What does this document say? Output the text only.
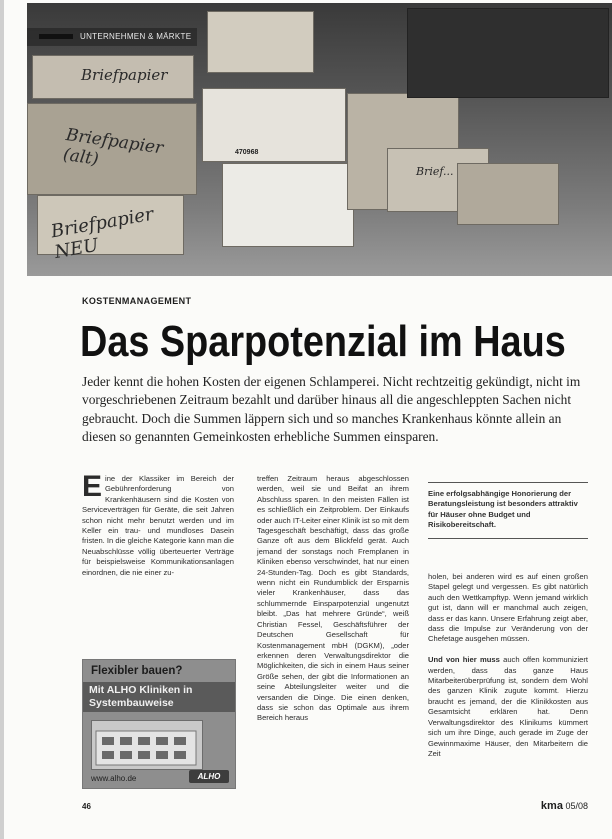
Briefpapier
Briefpapier (alt)
Briefpapier NEU
470968
Brief...
UNTERNEHMEN & MÄRKTE
KOSTENMANAGEMENT
Das Sparpotenzial im Haus
Jeder kennt die hohen Kosten der eigenen Schlamperei. Nicht rechtzeitig gekündigt, nicht im vorgeschriebenen Zeitraum bezahlt und darüber hinaus all die angeschleppten Sachen nicht gebraucht. Doch die Summen läppern sich und so manches Krankenhaus könnte allein an diesen so genannten Gemeinkosten erhebliche Summen einsparen.
Eine der Klassiker im Bereich der Gebührenforderung von Krankenhäusern sind die Kosten von Serviceverträgen für Geräte, die seit Jahren schon nicht mehr benutzt werden und im Keller ein trau- und mundloses Dasein fristen. In die gleiche Kategorie kann man die Neuabschlüsse völlig überteuerter Verträge für beispielsweise Kommunikationsanlagen einordnen, die nie einer zu-
treffen Zeitraum heraus abgeschlossen werden, weil sie und Beifat an ihrem Abschluss sparen. In den meisten Fällen ist es schließlich ein Zeitproblem. Der Einkaufs oder auch IT-Leiter einer Klinik ist so mit dem Tagesgeschäft beschäftigt, dass das große Ganze oft aus dem Blickfeld gerät. Auch jemand der sonstags noch Fremplanen in Kliniken ebenso verschwindet, hat nur einen 24-Stunden-Tag. Doch es gibt Standards, wenn nicht ein Rundumblick der Ersparnis vieler Krankenhäuser, dass das schlummernde Einsparpotenzial ungenutzt bleibt. „Das hat mehrere Gründe“, weiß Christian Fessel, Geschäftsführer der Deutschen Gesellschaft für Kostenmanagement mbH (DGKM), „oder erkennen deren Verwaltungsdirektor die Möglichkeiten, die sich in einem Haus seiner Größe sehen, der gibt die Informationen an seine Abteilungsleiter weiter und die versanden die Dinge. Die einen denken, dass sie schon das Optimale aus ihrem Bereich heraus
Eine erfolgsabhängige Honorierung der Beratungsleistung ist besonders attraktiv für Häuser ohne Budget und Risikobereitschaft.
holen, bei anderen wird es auf einen großen Stapel gelegt und vergessen. Es gibt natürlich auch den Wettkampftyp. Wenn jemand wirklich gut ist, dann will er manchmal auch zeigen, dass er das kann. Unsere Erfahrung zeigt aber, dass die Impulse zur Veränderung von der Chefetage ausgehen müssen.

Und von hier muss auch offen kommuniziert werden, dass das ganze Haus Mitarbeiterüberprüfung ist, sondern dem Wohl des ganzen Klinik zugute kommt. Hierzu braucht es jemand, der die Klinikkosten aus Gesamtsicht erklären hat. Denn Verwaltungsdirektor des Klinikums kümmert sich um ihre Dinge, auch gerade im Zuge der Gewinnmaxime Häuser, den Mitarbeitern die Zeit
Flexibler bauen?
Mit ALHO Kliniken in Systembauweise
www.alho.de	ALHO
46	kma 05/08
